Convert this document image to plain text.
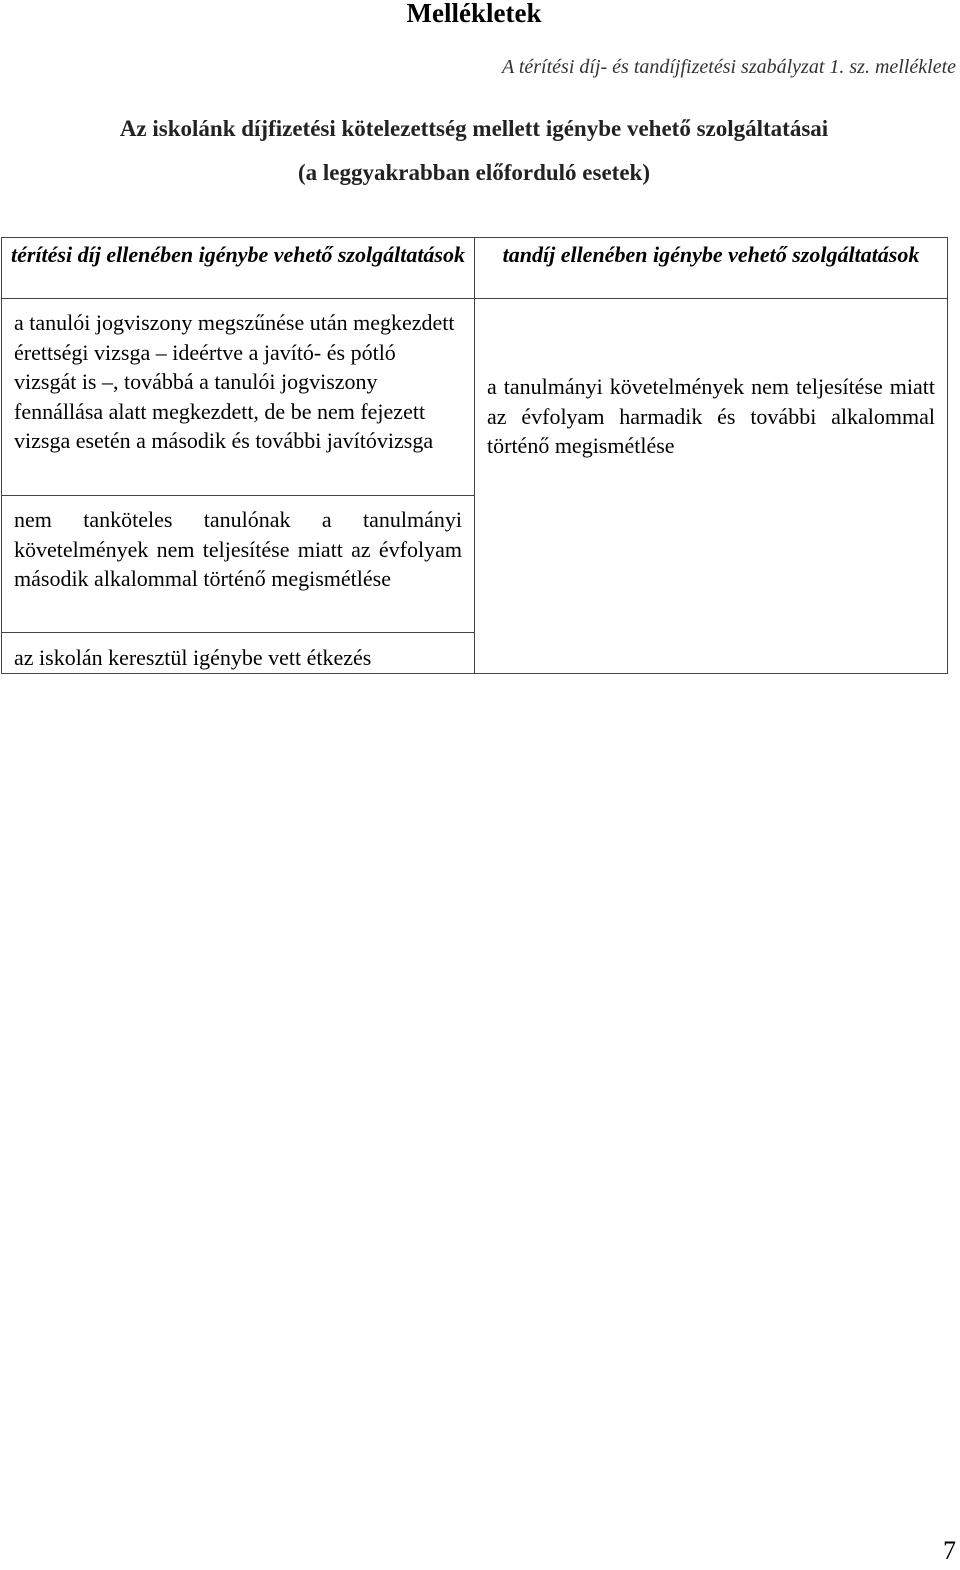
Mellékletek

A térítési díj- és tandíjfizetési szabályzat 1. sz. melléklete

Az iskolánk díjfizetési kötelezettség mellett igénybe vehető szolgáltatásai

(a leggyakrabban előforduló esetek)

térítési díj ellenében igénybe vehető szolgáltatások	tandíj ellenében igénybe vehető szolgáltatások

a tanulói jogviszony megszűnése után megkezdett érettségi vizsga – ideértve a javító- és pótló vizsgát is –, továbbá a tanulói jogviszony fennállása alatt megkezdett, de be nem fejezett vizsga esetén a második és további javítóvizsga	a tanulmányi követelmények nem teljesítése miatt az évfolyam harmadik és további alkalommal történő megismétlése

nem tanköteles tanulónak a tanulmányi követelmények nem teljesítése miatt az évfolyam második alkalommal történő megismétlése	

az iskolán keresztül igénybe vett étkezés	

7
